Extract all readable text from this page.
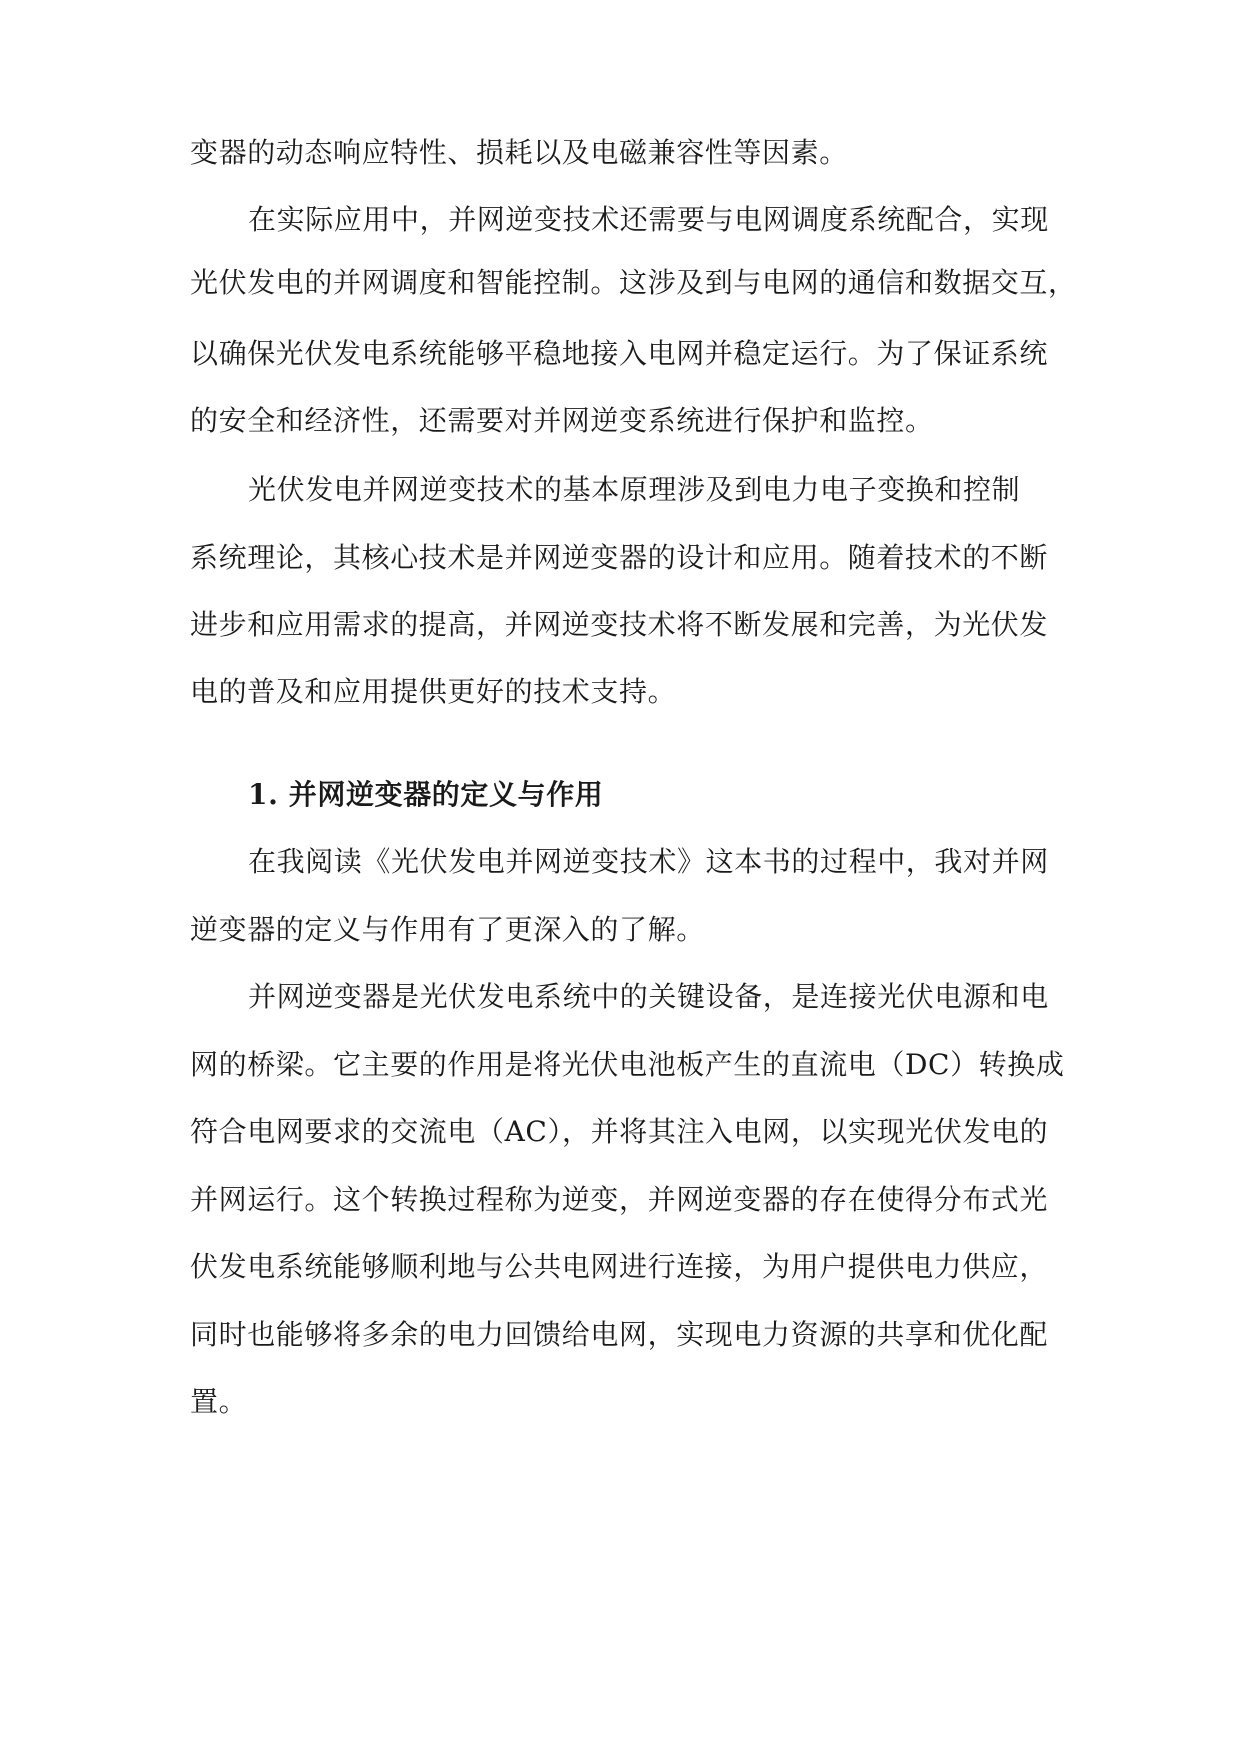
变器的动态响应特性、损耗以及电磁兼容性等因素。
在实际应用中，并网逆变技术还需要与电网调度系统配合，实现
光伏发电的并网调度和智能控制。这涉及到与电网的通信和数据交互，
以确保光伏发电系统能够平稳地接入电网并稳定运行。为了保证系统
的安全和经济性，还需要对并网逆变系统进行保护和监控。
光伏发电并网逆变技术的基本原理涉及到电力电子变换和控制
系统理论，其核心技术是并网逆变器的设计和应用。随着技术的不断
进步和应用需求的提高，并网逆变技术将不断发展和完善，为光伏发
电的普及和应用提供更好的技术支持。
1. 并网逆变器的定义与作用
在我阅读《光伏发电并网逆变技术》这本书的过程中，我对并网
逆变器的定义与作用有了更深入的了解。
并网逆变器是光伏发电系统中的关键设备，是连接光伏电源和电
网的桥梁。它主要的作用是将光伏电池板产生的直流电（DC）转换成
符合电网要求的交流电（AC），并将其注入电网，以实现光伏发电的
并网运行。这个转换过程称为逆变，并网逆变器的存在使得分布式光
伏发电系统能够顺利地与公共电网进行连接，为用户提供电力供应，
同时也能够将多余的电力回馈给电网，实现电力资源的共享和优化配
置。
